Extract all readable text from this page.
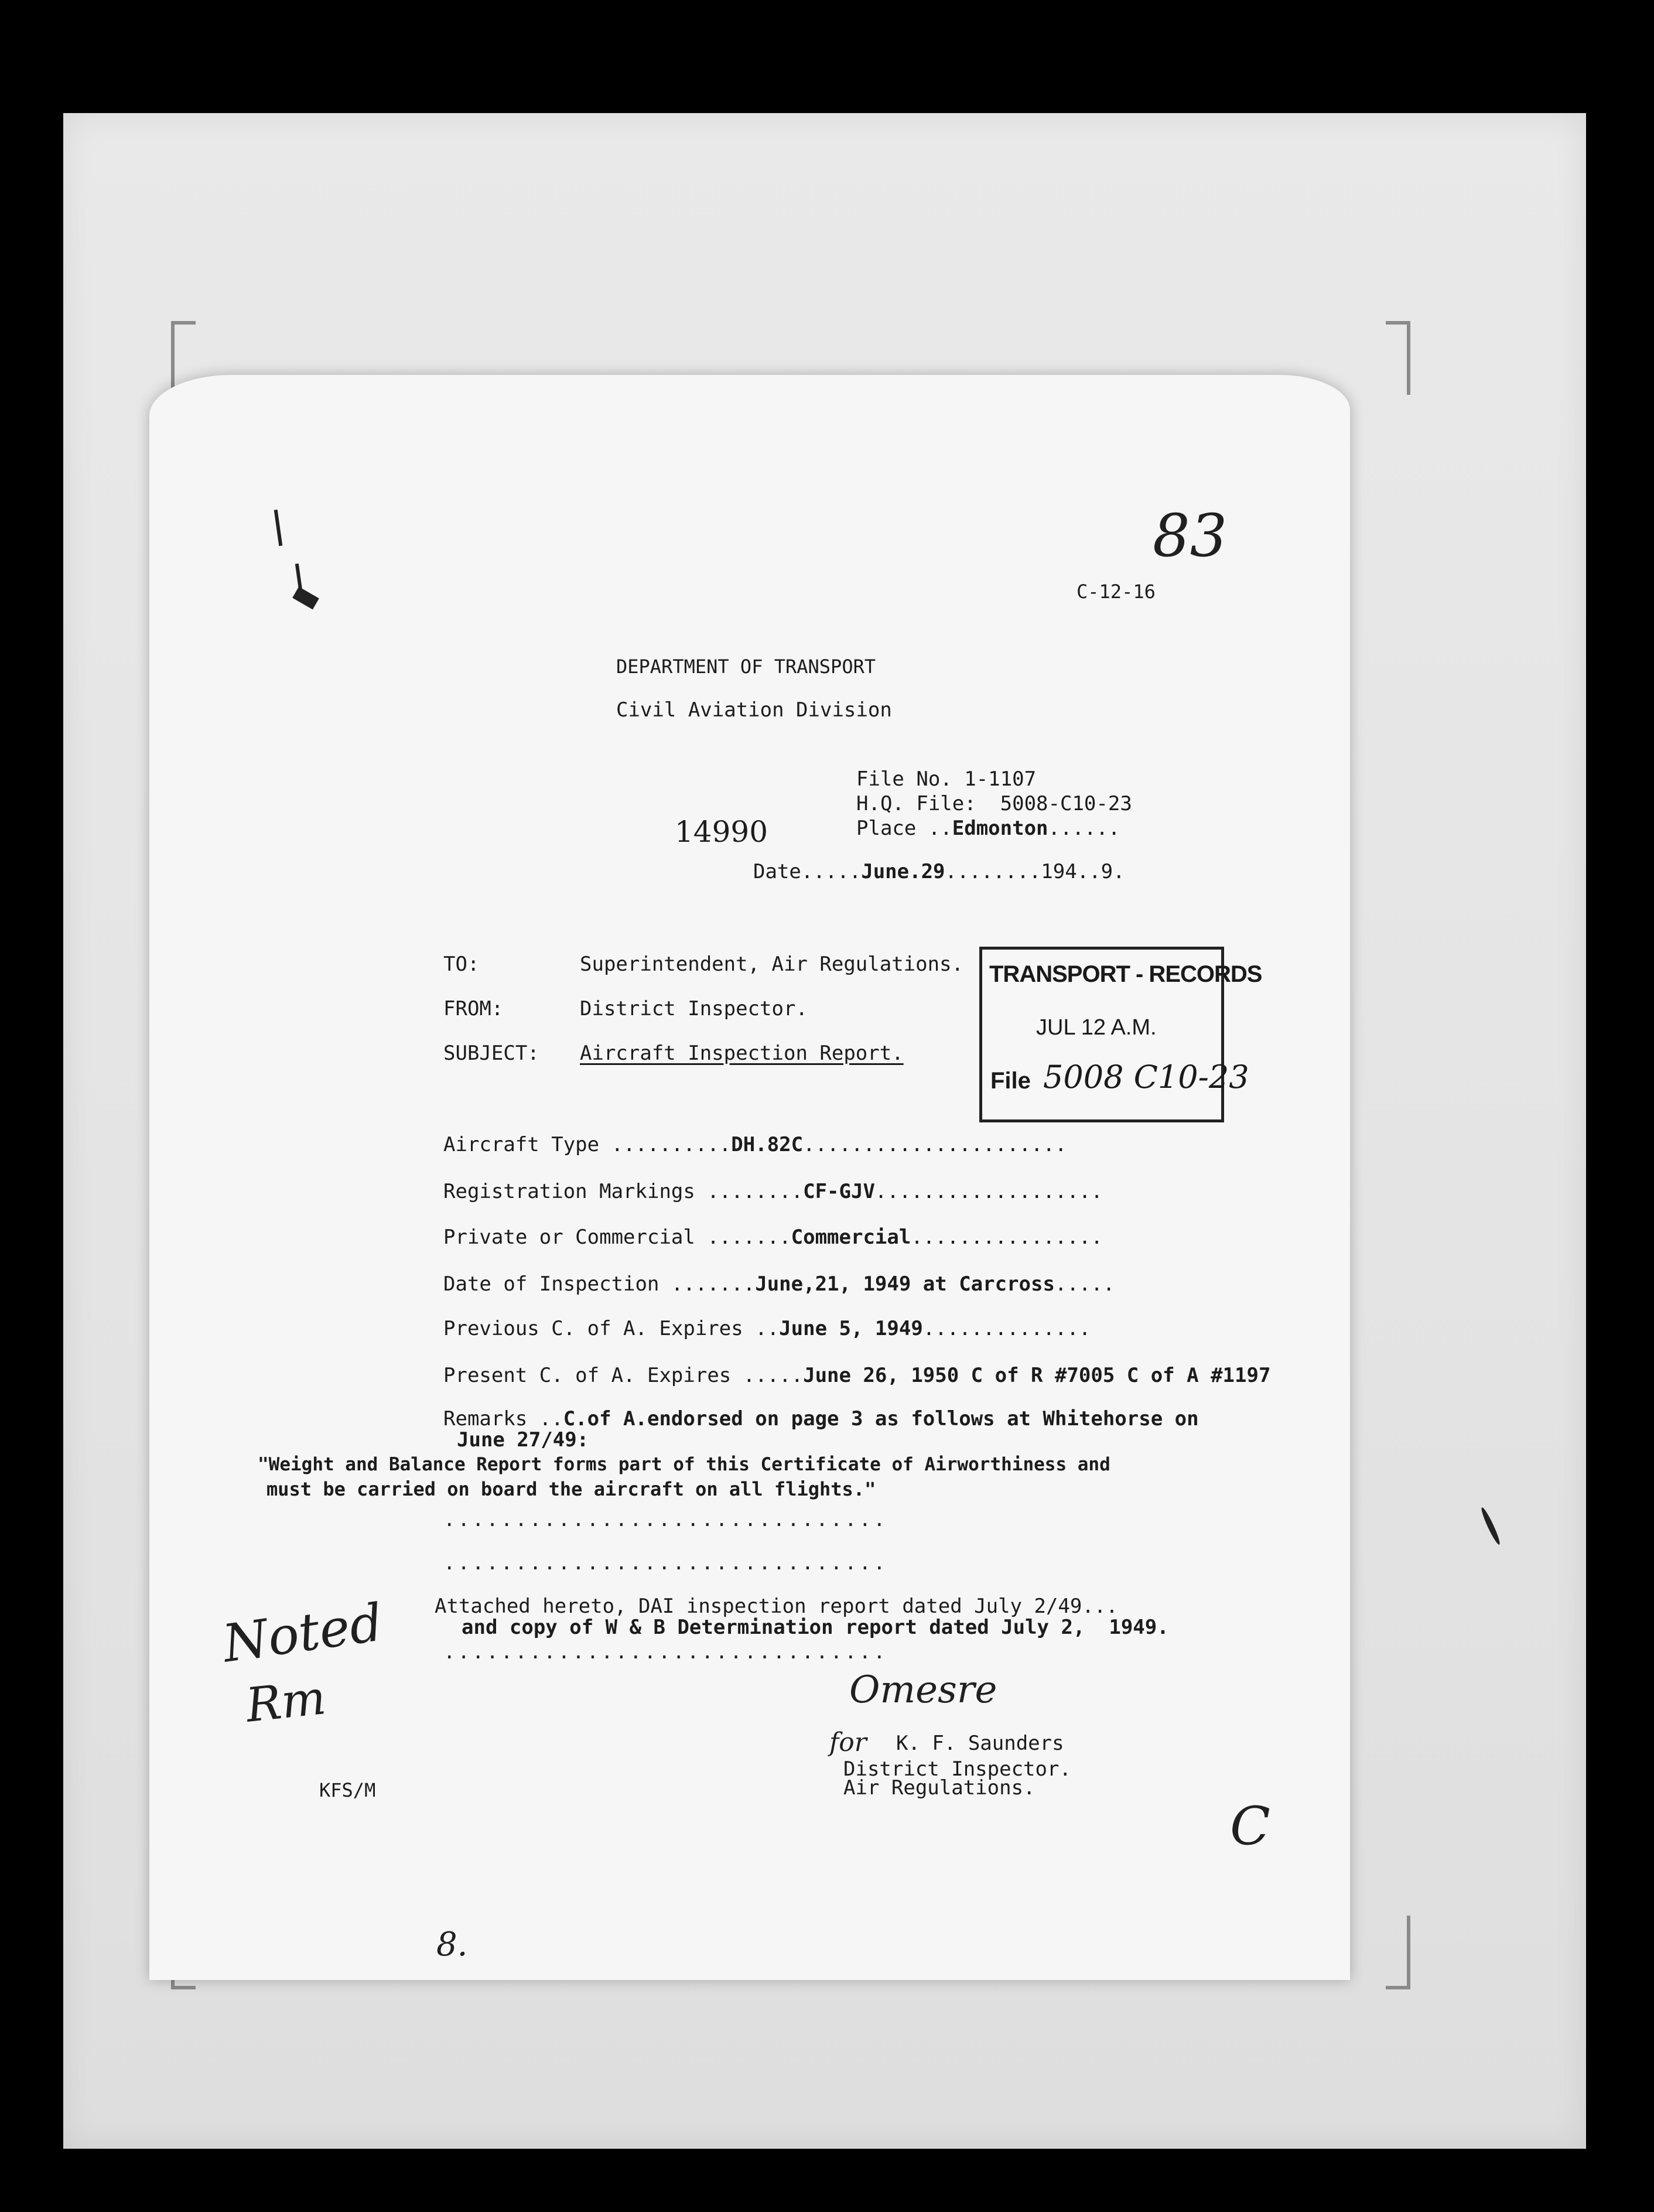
83
C-12-16
DEPARTMENT OF TRANSPORT
Civil Aviation Division
File No. 1-1107
H.Q. File:  5008-C10-23
Place ..Edmonton......
14990
Date.....June.29........194..9.
TO:	Superintendent, Air Regulations.
FROM:	District Inspector.
SUBJECT: Aircraft Inspection Report.
TRANSPORT - RECORDS
JUL 12 A.M.
File 5008 C10-23
Aircraft Type ..........DH.82C......................
Registration Markings ........CF-GJV...................
Private or Commercial .......Commercial................
Date of Inspection .......June,21, 1949 at Carcross.....
Previous C. of A. Expires ..June 5, 1949..............
Present C. of A. Expires .....June 26, 1950 C of R #7005 C of A #1197
Remarks ..C.of A.endorsed on page 3 as follows at Whitehorse on
June 27/49:
"Weight and Balance Report forms part of this Certificate of Airworthiness and
must be carried on board the aircraft on all flights."
...............................
...............................
Attached hereto, DAI inspection report dated July 2/49...
and copy of W & B Determination report dated July 2,  1949.
...............................
Omesre
for K. F. Saunders
District Inspector.
Air Regulations.
Noted
Rm
KFS/M
C
8.
